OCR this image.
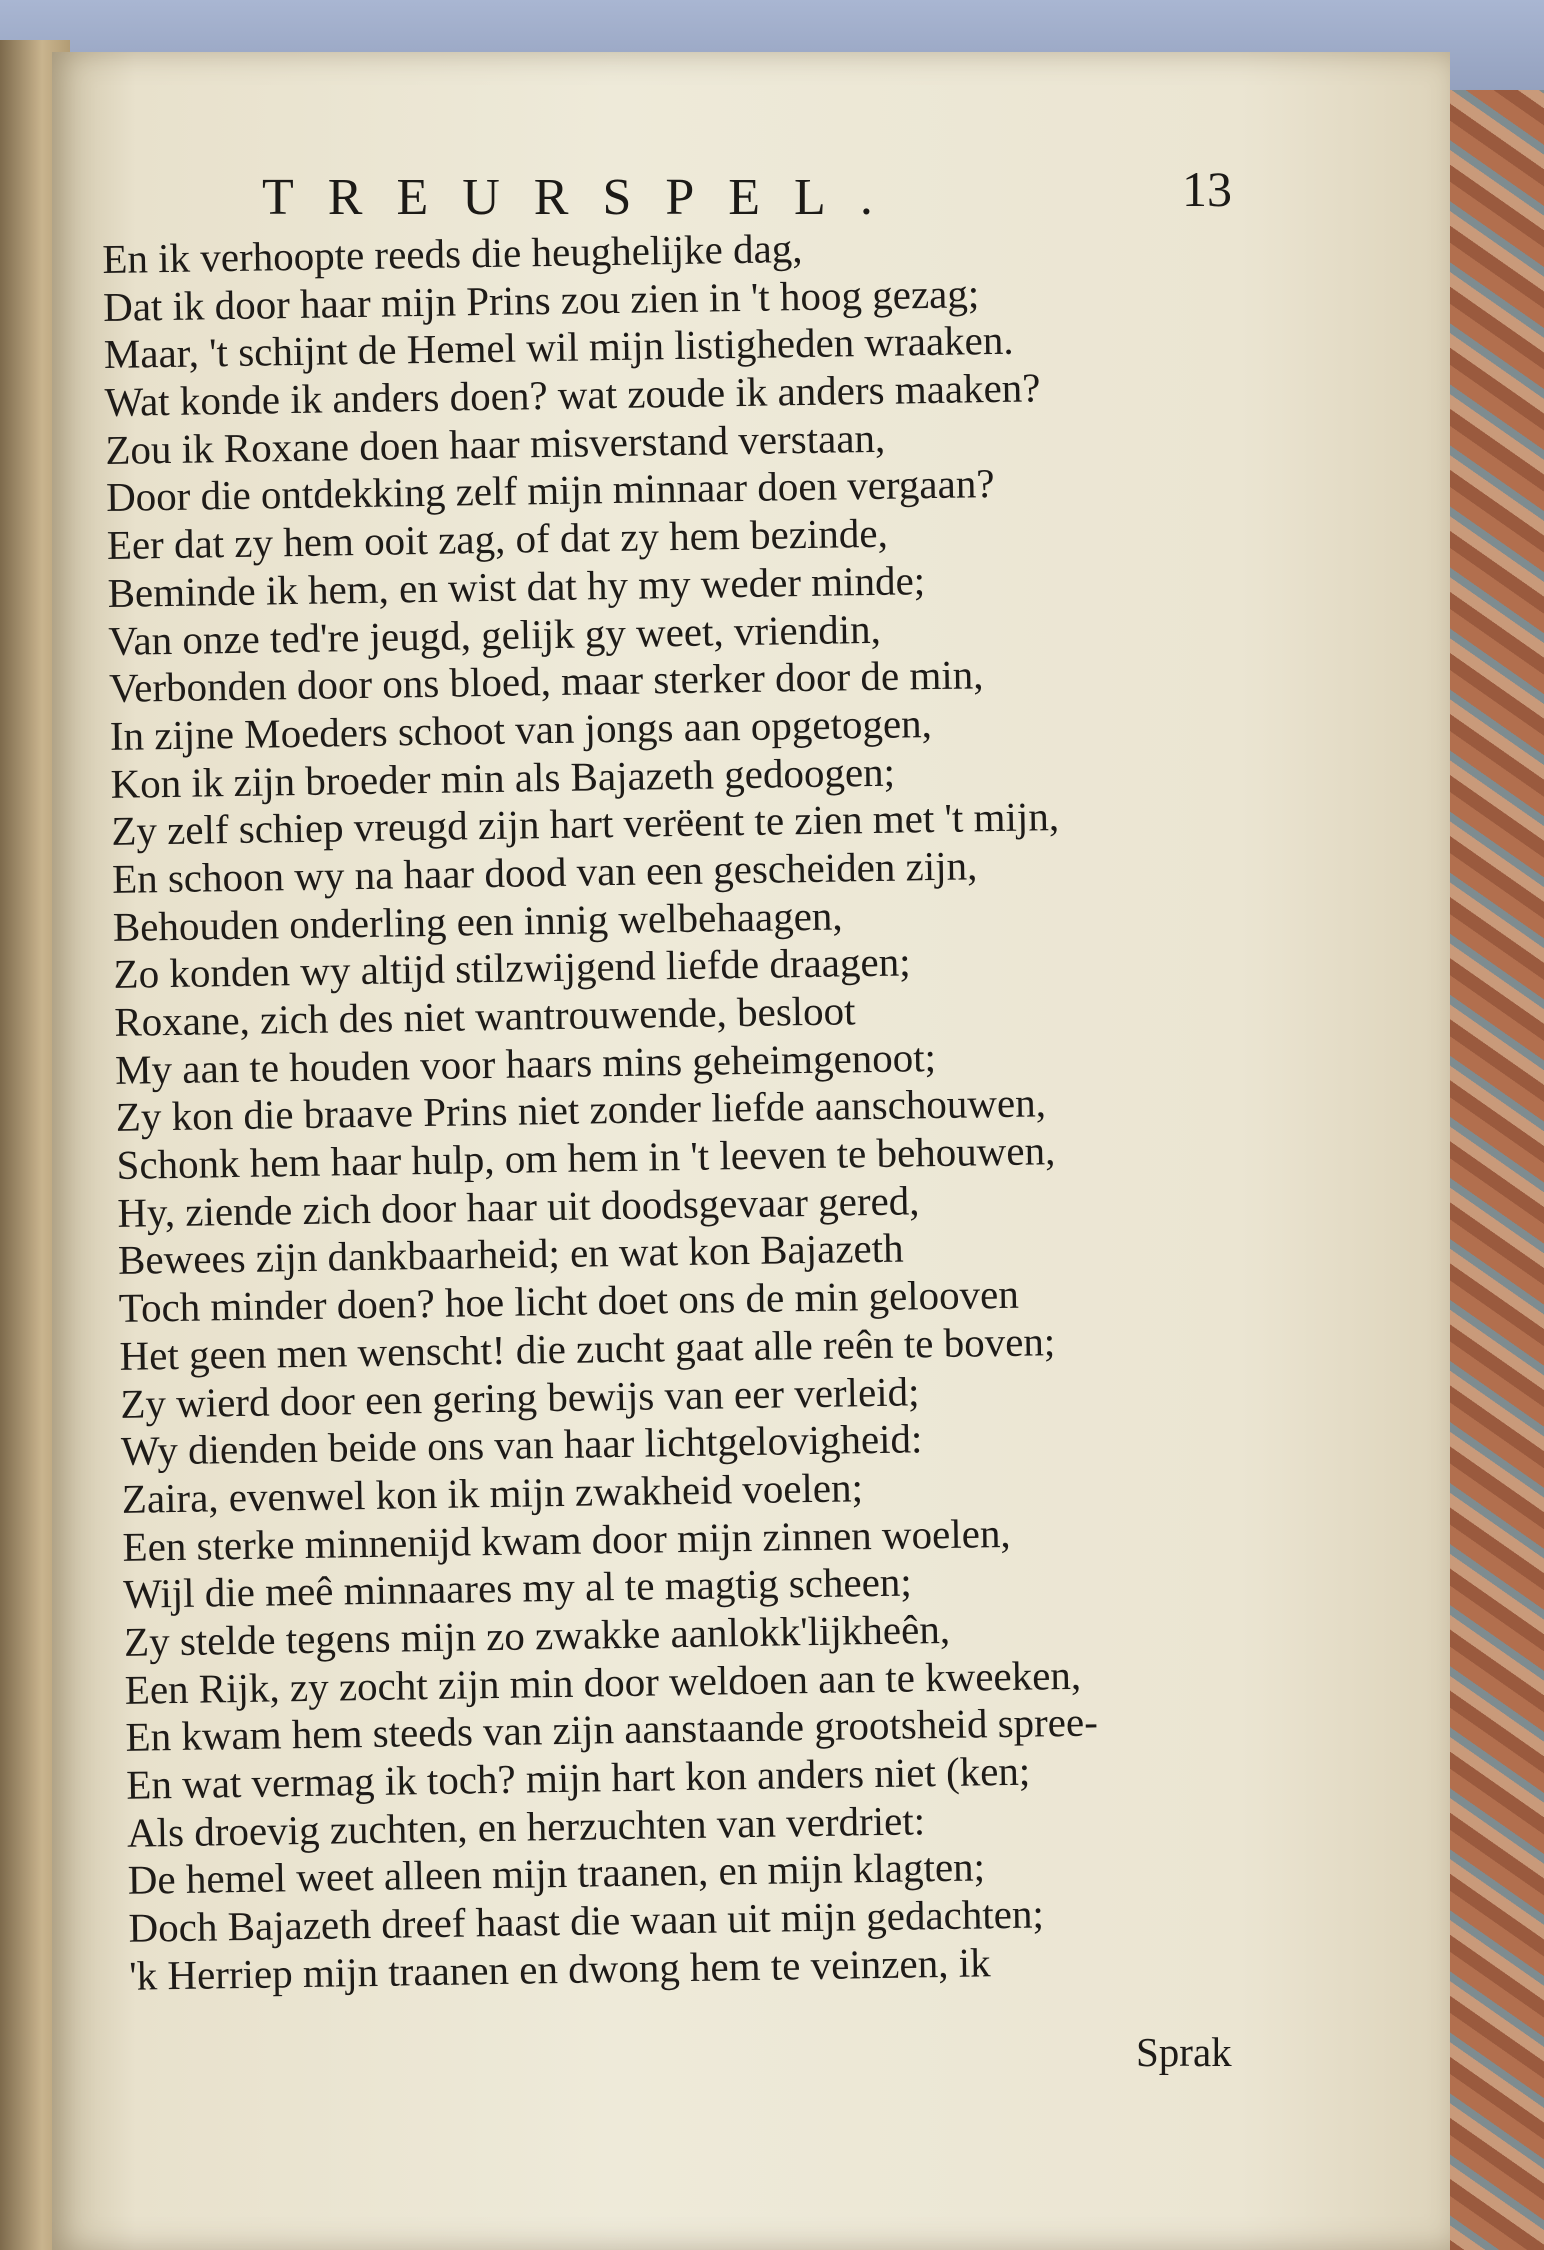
TREURSPEL.	13
En ik verhoopte reeds die heughelijke dag,
Dat ik door haar mijn Prins zou zien in 't hoog gezag;
Maar, 't schijnt de Hemel wil mijn listigheden wraaken.
Wat konde ik anders doen? wat zoude ik anders maaken?
Zou ik Roxane doen haar misverstand verstaan,
Door die ontdekking zelf mijn minnaar doen vergaan?
Eer dat zy hem ooit zag, of dat zy hem bezinde,
Beminde ik hem, en wist dat hy my weder minde;
Van onze ted're jeugd, gelijk gy weet, vriendin,
Verbonden door ons bloed, maar sterker door de min,
In zijne Moeders schoot van jongs aan opgetogen,
Kon ik zijn broeder min als Bajazeth gedoogen;
Zy zelf schiep vreugd zijn hart verëent te zien met 't mijn,
En schoon wy na haar dood van een gescheiden zijn,
Behouden onderling een innig welbehaagen,
Zo konden wy altijd stilzwijgend liefde draagen;
Roxane, zich des niet wantrouwende, besloot
My aan te houden voor haars mins geheimgenoot;
Zy kon die braave Prins niet zonder liefde aanschouwen,
Schonk hem haar hulp, om hem in 't leeven te behouwen,
Hy, ziende zich door haar uit doodsgevaar gered,
Bewees zijn dankbaarheid; en wat kon Bajazeth
Toch minder doen? hoe licht doet ons de min gelooven
Het geen men wenscht! die zucht gaat alle reên te boven;
Zy wierd door een gering bewijs van eer verleid;
Wy dienden beide ons van haar lichtgelovigheid:
Zaira, evenwel kon ik mijn zwakheid voelen;
Een sterke minnenijd kwam door mijn zinnen woelen,
Wijl die meê minnaares my al te magtig scheen;
Zy stelde tegens mijn zo zwakke aanlokk'lijkheên,
Een Rijk, zy zocht zijn min door weldoen aan te kweeken,
En kwam hem steeds van zijn aanstaande grootsheid spree-
En wat vermag ik toch? mijn hart kon anders niet (ken;
Als droevig zuchten, en herzuchten van verdriet:
De hemel weet alleen mijn traanen, en mijn klagten;
Doch Bajazeth dreef haast die waan uit mijn gedachten;
'k Herriep mijn traanen en dwong hem te veinzen, ik
Sprak
